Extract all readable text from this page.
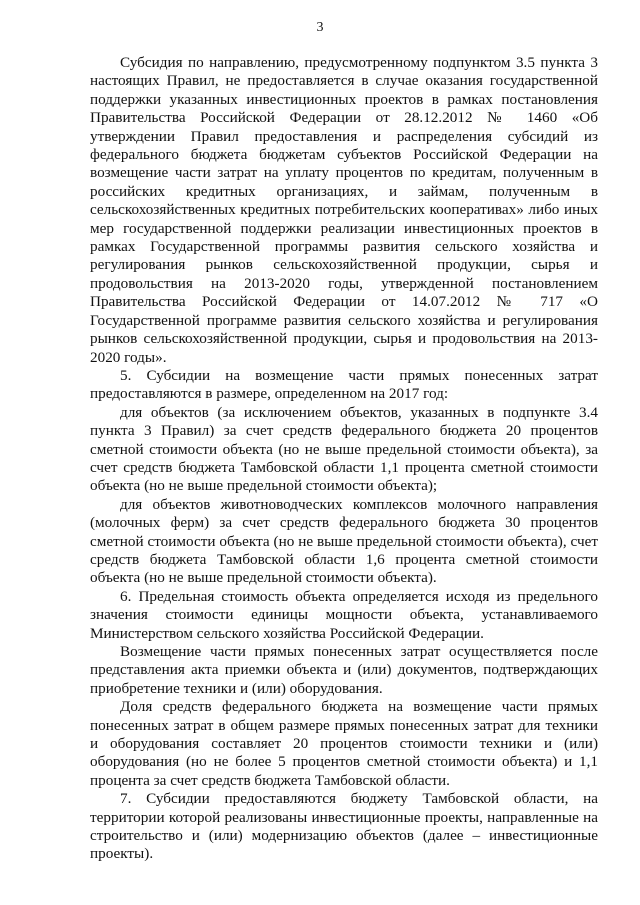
3

Субсидия по направлению, предусмотренному подпунктом 3.5 пункта 3 настоящих Правил, не предоставляется в случае оказания государственной поддержки указанных инвестиционных проектов в рамках постановления Правительства Российской Федерации от 28.12.2012 № 1460 «Об утверждении Правил предоставления и распределения субсидий из федерального бюджета бюджетам субъектов Российской Федерации на возмещение части затрат на уплату процентов по кредитам, полученным в российских кредитных организациях, и займам, полученным в сельскохозяйственных кредитных потребительских кооперативах» либо иных мер государственной поддержки реализации инвестиционных проектов в рамках Государственной программы развития сельского хозяйства и регулирования рынков сельскохозяйственной продукции, сырья и продовольствия на 2013-2020 годы, утвержденной постановлением Правительства Российской Федерации от 14.07.2012 № 717 «О Государственной программе развития сельского хозяйства и регулирования рынков сельскохозяйственной продукции, сырья и продовольствия на 2013-2020 годы».

5. Субсидии на возмещение части прямых понесенных затрат предоставляются в размере, определенном на 2017 год:

для объектов (за исключением объектов, указанных в подпункте 3.4 пункта 3 Правил) за счет средств федерального бюджета 20 процентов сметной стоимости объекта (но не выше предельной стоимости объекта), за счет средств бюджета Тамбовской области 1,1 процента сметной стоимости объекта (но не выше предельной стоимости объекта);

для объектов животноводческих комплексов молочного направления (молочных ферм) за счет средств федерального бюджета 30 процентов сметной стоимости объекта (но не выше предельной стоимости объекта), счет средств бюджета Тамбовской области 1,6 процента сметной стоимости объекта (но не выше предельной стоимости объекта).

6. Предельная стоимость объекта определяется исходя из предельного значения стоимости единицы мощности объекта, устанавливаемого Министерством сельского хозяйства Российской Федерации.

Возмещение части прямых понесенных затрат осуществляется после представления акта приемки объекта и (или) документов, подтверждающих приобретение техники и (или) оборудования.

Доля средств федерального бюджета на возмещение части прямых понесенных затрат в общем размере прямых понесенных затрат для техники и оборудования составляет 20 процентов стоимости техники и (или) оборудования (но не более 5 процентов сметной стоимости объекта) и 1,1 процента за счет средств бюджета Тамбовской области.

7. Субсидии предоставляются бюджету Тамбовской области, на территории которой реализованы инвестиционные проекты, направленные на строительство и (или) модернизацию объектов (далее – инвестиционные проекты).
